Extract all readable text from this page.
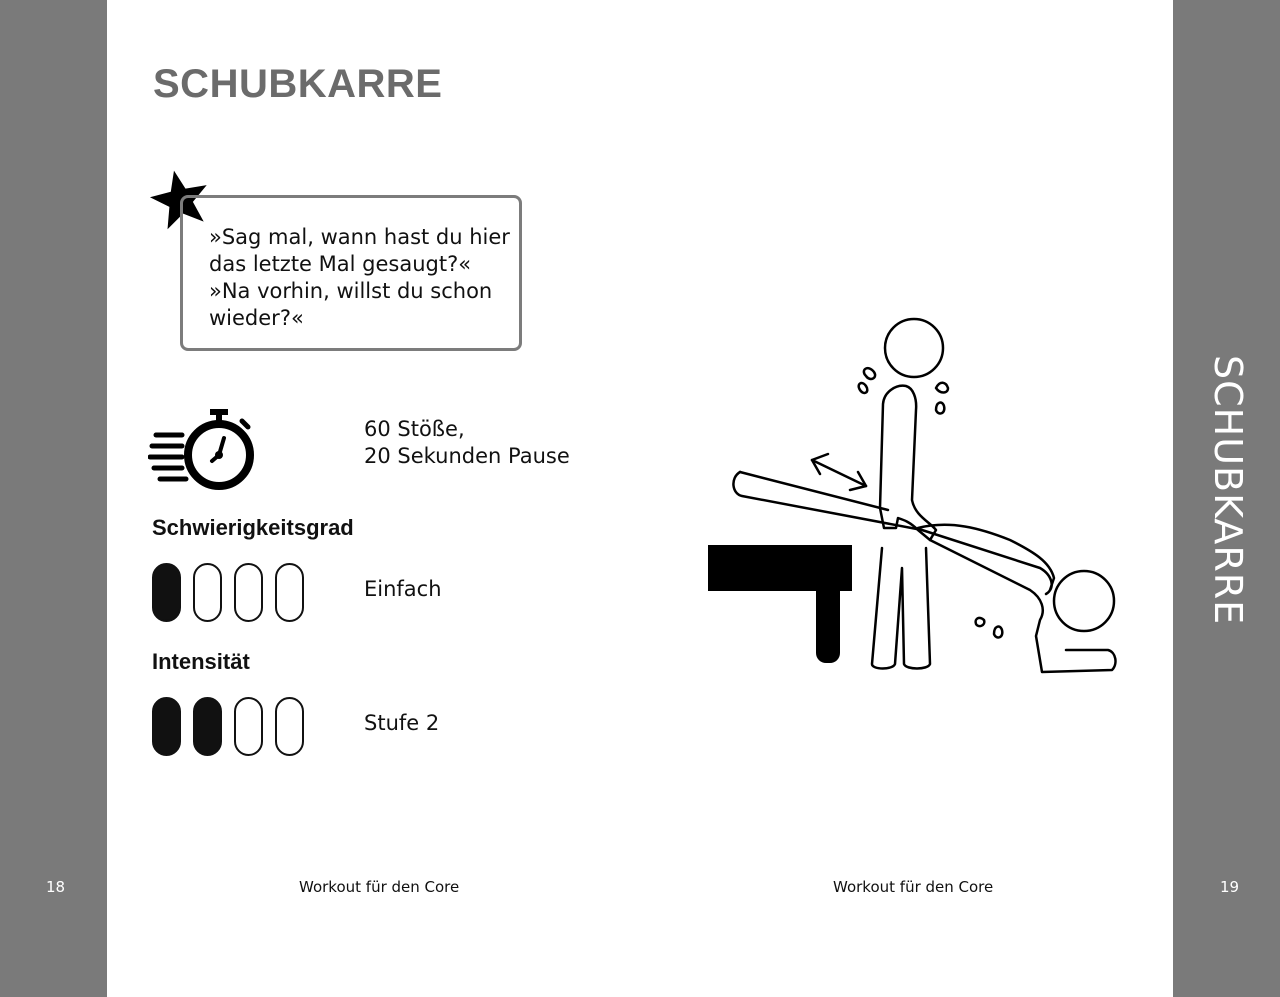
SCHUBKARRE
»Sag mal, wann hast du hier
das letzte Mal gesaugt?«
»Na vorhin, willst du schon
wieder?«
60 Stöße,
20 Sekunden Pause
Schwierigkeitsgrad
Einfach
Intensität
Stufe 2
SCHUBKARRE
18	Workout für den Core	Workout für den Core	19
